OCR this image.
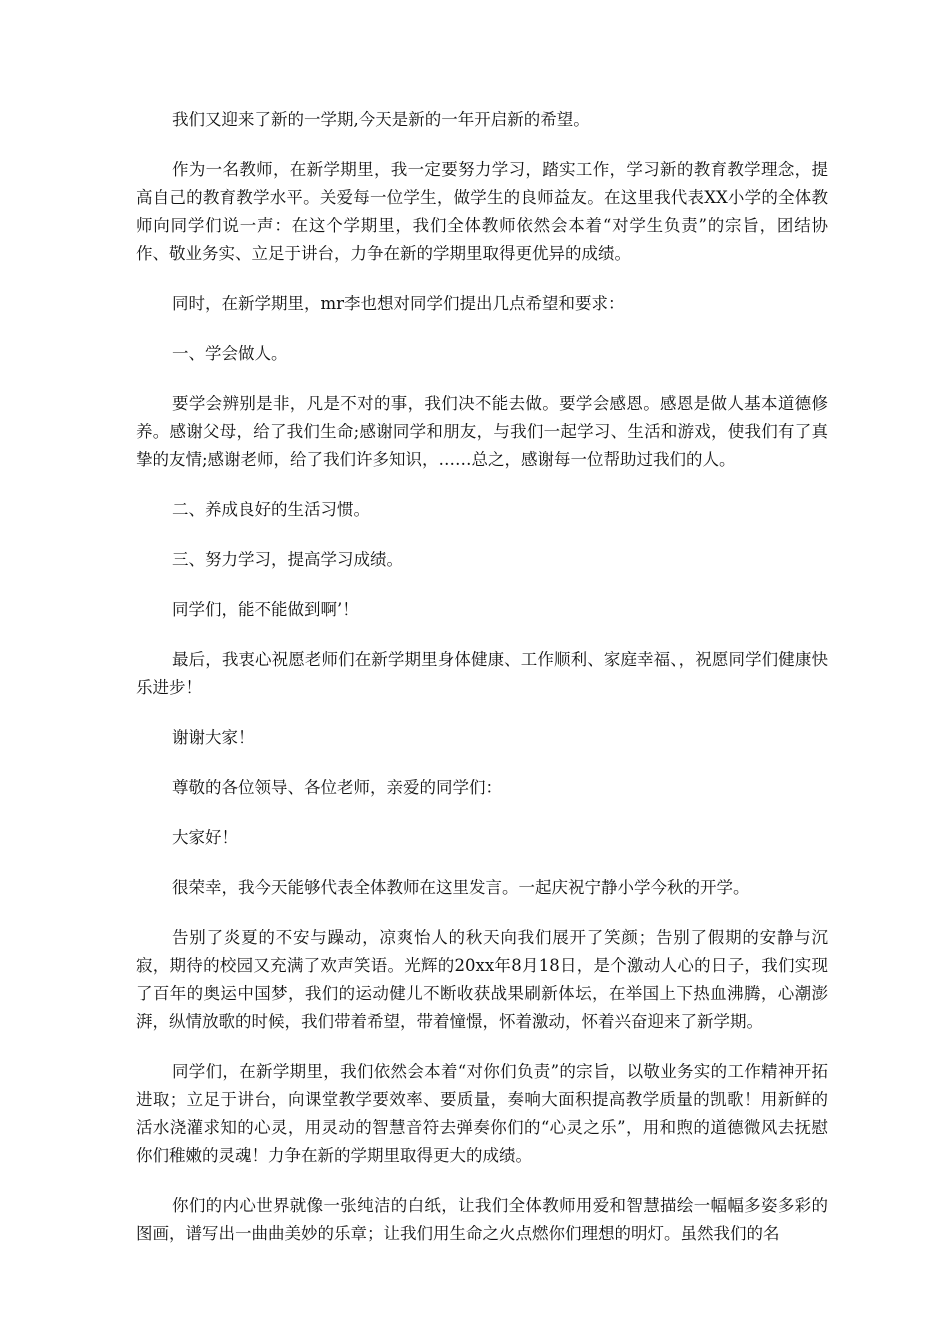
我们又迎来了新的一学期,今天是新的一年开启新的希望。

作为一名教师，在新学期里，我一定要努力学习，踏实工作，学习新的教育教学理念，提高自己的教育教学水平。关爱每一位学生，做学生的良师益友。在这里我代表XX小学的全体教师向同学们说一声：在这个学期里，我们全体教师依然会本着“对学生负责”的宗旨，团结协作、敬业务实、立足于讲台，力争在新的学期里取得更优异的成绩。

同时，在新学期里，mr李也想对同学们提出几点希望和要求：

一、学会做人。

要学会辨别是非，凡是不对的事，我们决不能去做。要学会感恩。感恩是做人基本道德修养。感谢父母，给了我们生命;感谢同学和朋友，与我们一起学习、生活和游戏，使我们有了真挚的友情;感谢老师，给了我们许多知识，……总之，感谢每一位帮助过我们的人。

二、养成良好的生活习惯。

三、努力学习，提高学习成绩。

同学们，能不能做到啊’！

最后，我衷心祝愿老师们在新学期里身体健康、工作顺利、家庭幸福、，祝愿同学们健康快乐进步！

谢谢大家！

尊敬的各位领导、各位老师，亲爱的同学们：

大家好！

很荣幸，我今天能够代表全体教师在这里发言。一起庆祝宁静小学今秋的开学。

告别了炎夏的不安与躁动，凉爽怡人的秋天向我们展开了笑颜；告别了假期的安静与沉寂，期待的校园又充满了欢声笑语。光辉的20xx年8月18日，是个激动人心的日子，我们实现了百年的奥运中国梦，我们的运动健儿不断收获战果刷新体坛，在举国上下热血沸腾，心潮澎湃，纵情放歌的时候，我们带着希望，带着憧憬，怀着激动，怀着兴奋迎来了新学期。

同学们，在新学期里，我们依然会本着“对你们负责”的宗旨，以敬业务实的工作精神开拓进取；立足于讲台，向课堂教学要效率、要质量，奏响大面积提高教学质量的凯歌！用新鲜的活水浇灌求知的心灵，用灵动的智慧音符去弹奏你们的“心灵之乐”，用和煦的道德微风去抚慰你们稚嫩的灵魂！力争在新的学期里取得更大的成绩。

你们的内心世界就像一张纯洁的白纸，让我们全体教师用爱和智慧描绘一幅幅多姿多彩的图画，谱写出一曲曲美妙的乐章；让我们用生命之火点燃你们理想的明灯。虽然我们的名
